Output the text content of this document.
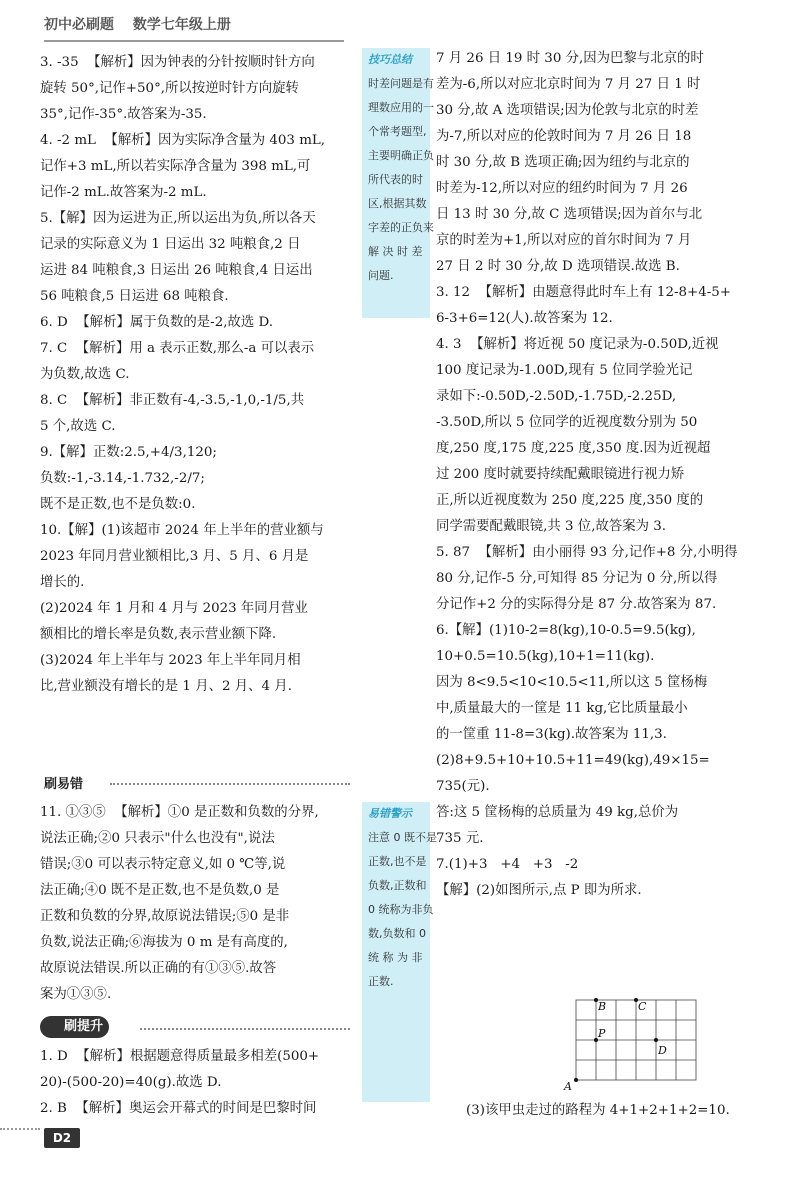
初中必刷题 数学七年级上册

3. -35  【解析】因为钟表的分针按顺时针方向

旋转 50°,记作+50°,所以按逆时针方向旋转

35°,记作-35°.故答案为-35.

4. -2 mL  【解析】因为实际净含量为 403 mL,

记作+3 mL,所以若实际净含量为 398 mL,可

记作-2 mL.故答案为-2 mL.

5.【解】因为运进为正,所以运出为负,所以各天

记录的实际意义为 1 日运出 32 吨粮食,2 日

运进 84 吨粮食,3 日运出 26 吨粮食,4 日运出

56 吨粮食,5 日运进 68 吨粮食.

6. D  【解析】属于负数的是-2,故选 D.

7. C  【解析】用 a 表示正数,那么-a 可以表示

为负数,故选 C.

8. C  【解析】非正数有-4,-3.5,-1,0,-1/5,共

5 个,故选 C.

9.【解】正数:2.5,+4/3,120;

负数:-1,-3.14,-1.732,-2/7;

既不是正数,也不是负数:0.

10.【解】(1)该超市 2024 年上半年的营业额与

2023 年同月营业额相比,3 月、5 月、6 月是

增长的.

(2)2024 年 1 月和 4 月与 2023 年同月营业

额相比的增长率是负数,表示营业额下降.

(3)2024 年上半年与 2023 年上半年同月相

比,营业额没有增长的是 1 月、2 月、4 月.

刷易错

11. ①③⑤  【解析】①0 是正数和负数的分界,

说法正确;②0 只表示"什么也没有",说法

错误;③0 可以表示特定意义,如 0 ℃等,说

法正确;④0 既不是正数,也不是负数,0 是

正数和负数的分界,故原说法错误;⑤0 是非

负数,说法正确;⑥海拔为 0 m 是有高度的,

故原说法错误.所以正确的有①③⑤.故答

案为①③⑤.

刷提升

1. D  【解析】根据题意得质量最多相差(500+

20)-(500-20)=40(g).故选 D.

2. B  【解析】奥运会开幕式的时间是巴黎时间

技巧总结

时差问题是有

理数应用的一

个常考题型,

主要明确正负

所代表的时

区,根据其数

字差的正负来

解 决 时 差

问题.

易错警示

注意 0 既不是

正数,也不是

负数,正数和

0 统称为非负

数,负数和 0

统 称 为 非

正数.

7 月 26 日 19 时 30 分,因为巴黎与北京的时

差为-6,所以对应北京时间为 7 月 27 日 1 时

30 分,故 A 选项错误;因为伦敦与北京的时差

为-7,所以对应的伦敦时间为 7 月 26 日 18

时 30 分,故 B 选项正确;因为纽约与北京的

时差为-12,所以对应的纽约时间为 7 月 26

日 13 时 30 分,故 C 选项错误;因为首尔与北

京的时差为+1,所以对应的首尔时间为 7 月

27 日 2 时 30 分,故 D 选项错误.故选 B.

3. 12  【解析】由题意得此时车上有 12-8+4-5+

6-3+6=12(人).故答案为 12.

4. 3  【解析】将近视 50 度记录为-0.50D,近视

100 度记录为-1.00D,现有 5 位同学验光记

录如下:-0.50D,-2.50D,-1.75D,-2.25D,

-3.50D,所以 5 位同学的近视度数分别为 50

度,250 度,175 度,225 度,350 度.因为近视超

过 200 度时就要持续配戴眼镜进行视力矫

正,所以近视度数为 250 度,225 度,350 度的

同学需要配戴眼镜,共 3 位,故答案为 3.

5. 87  【解析】由小丽得 93 分,记作+8 分,小明得

80 分,记作-5 分,可知得 85 分记为 0 分,所以得

分记作+2 分的实际得分是 87 分.故答案为 87.

6.【解】(1)10-2=8(kg),10-0.5=9.5(kg),

10+0.5=10.5(kg),10+1=11(kg).

因为 8<9.5<10<10.5<11,所以这 5 筐杨梅

中,质量最大的一筐是 11 kg,它比质量最小

的一筐重 11-8=3(kg).故答案为 11,3.

(2)8+9.5+10+10.5+11=49(kg),49×15=

735(元).

答:这 5 筐杨梅的总质量为 49 kg,总价为

735 元.

7.(1)+3   +4   +3   -2

【解】(2)如图所示,点 P 即为所求.

A
B	C
D
P

(3)该甲虫走过的路程为 4+1+2+1+2=10.

D2
